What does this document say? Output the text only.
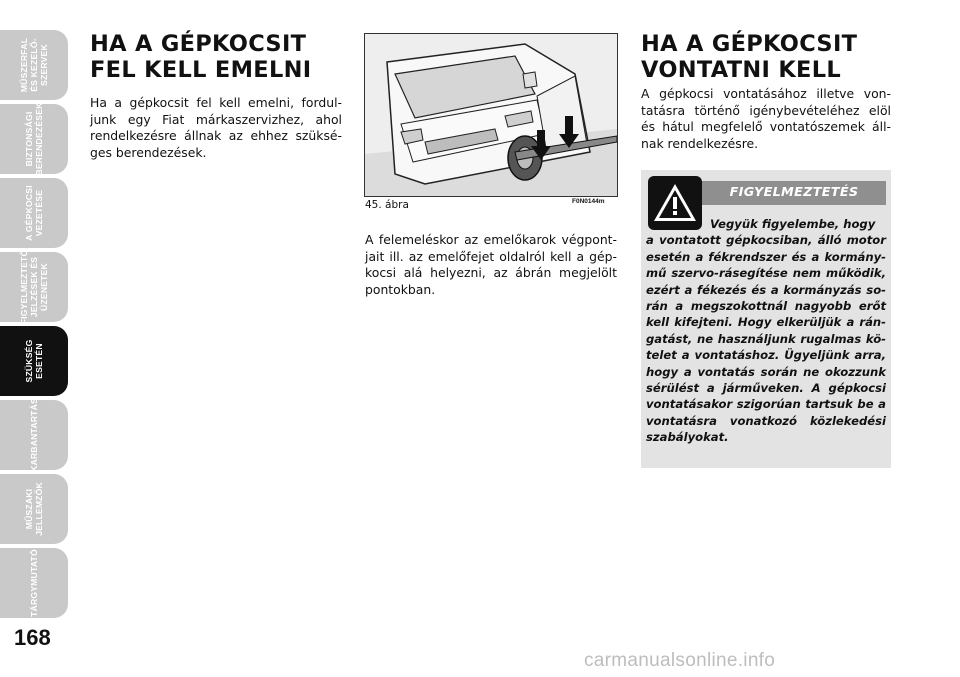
MŰSZERFAL
ÉS KEZELŐ-
SZERVEK
BIZTONSÁGI
BERENDEZÉSEK
A GÉPKOCSI
VEZETÉSE
FIGYELMEZTETŐ
JELZÉSEK ÉS
ÜZENETEK
SZÜKSÉG
ESETÉN
KARBANTARTÁS
MŰSZAKI
JELLEMZŐK
TÁRGYMUTATÓ
168
HA A GÉPKOCSIT
FEL KELL EMELNI
Ha a gépkocsit fel kell emelni, fordul-junk egy Fiat márkaszervizhez, ahol rendelkezésre állnak az ehhez szüksé-ges berendezések.
45. ábra	F0N0144m
A felemeléskor az emelőkarok végpont-jait ill. az emelőfejet oldalról kell a gép-kocsi alá helyezni, az ábrán megjelölt pontokban.
HA A GÉPKOCSIT
VONTATNI KELL
A gépkocsi vontatásához illetve von-tatásra történő igénybevételéhez elöl és hátul megfelelő vontatószemek áll-nak rendelkezésre.
FIGYELMEZTETÉS
Vegyük figyelembe, hogy
a vontatott gépkocsiban, álló motor esetén a fékrendszer és a kormány-mű szervo-rásegítése nem működik, ezért a fékezés és a kormányzás so-rán a megszokottnál nagyobb erőt kell kifejteni. Hogy elkerüljük a rán-gatást, ne használjunk rugalmas kö-telet a vontatáshoz. Ügyeljünk arra, hogy a vontatás során ne okozzunk sérülést a járműveken. A gépkocsi vontatásakor szigorúan tartsuk be a vontatásra vonatkozó közlekedési szabályokat.
carmanualsonline.info
